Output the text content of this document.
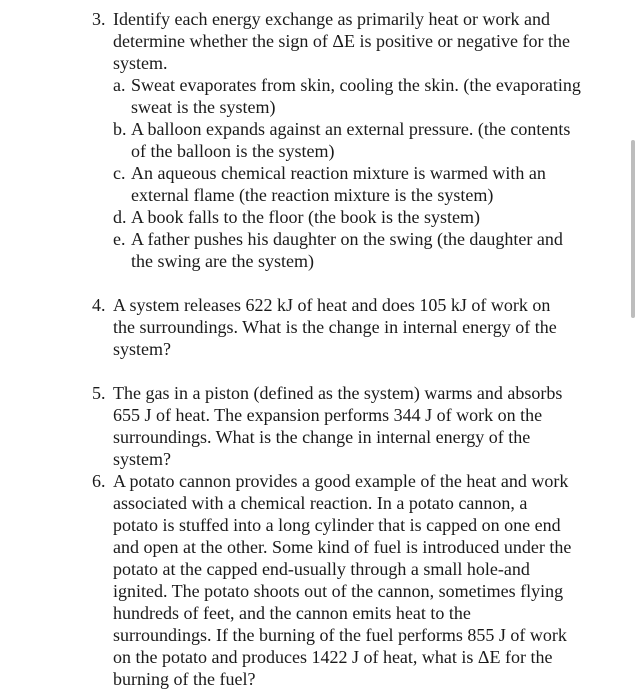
3. Identify each energy exchange as primarily heat or work and determine whether the sign of ΔE is positive or negative for the system.

a. Sweat evaporates from skin, cooling the skin. (the evaporating sweat is the system)

b. A balloon expands against an external pressure. (the contents of the balloon is the system)

c. An aqueous chemical reaction mixture is warmed with an external flame (the reaction mixture is the system)

d. A book falls to the floor (the book is the system)

e. A father pushes his daughter on the swing (the daughter and the swing are the system)

4. A system releases 622 kJ of heat and does 105 kJ of work on the surroundings. What is the change in internal energy of the system?

5. The gas in a piston (defined as the system) warms and absorbs 655 J of heat. The expansion performs 344 J of work on the surroundings. What is the change in internal energy of the system?

6. A potato cannon provides a good example of the heat and work associated with a chemical reaction. In a potato cannon, a potato is stuffed into a long cylinder that is capped on one end and open at the other. Some kind of fuel is introduced under the potato at the capped end-usually through a small hole-and ignited. The potato shoots out of the cannon, sometimes flying hundreds of feet, and the cannon emits heat to the surroundings. If the burning of the fuel performs 855 J of work on the potato and produces 1422 J of heat, what is ΔE for the burning of the fuel?
